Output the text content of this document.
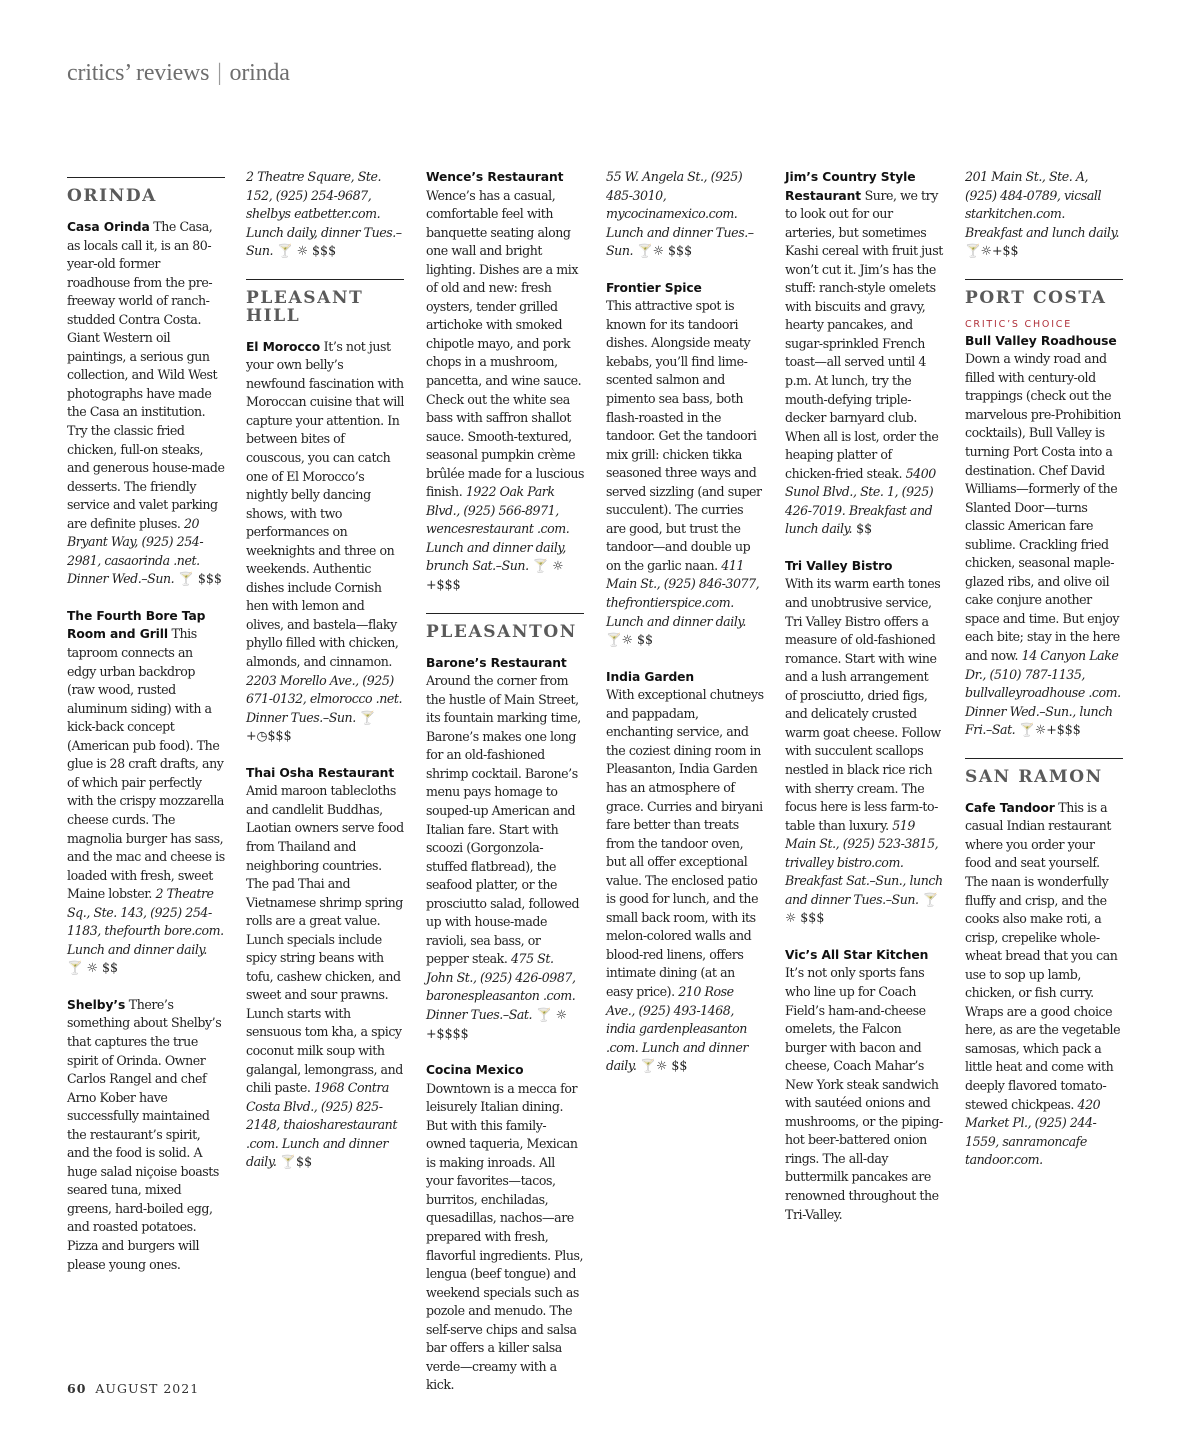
critics’ reviews | orinda
ORINDA

Casa Orinda The Casa, as locals call it, is an 80-year-old former roadhouse from the pre-freeway world of ranch-studded Contra Costa. Giant Western oil paintings, a serious gun collection, and Wild West photographs have made the Casa an institution. Try the classic fried chicken, full-on steaks, and generous house-made desserts. The friendly service and valet parking are definite pluses. 20 Bryant Way, (925) 254-2981, casaorinda .net. Dinner Wed.–Sun. 🍸 $$$

The Fourth Bore Tap Room and Grill This taproom connects an edgy urban backdrop (raw wood, rusted aluminum siding) with a kick-back concept (American pub food). The glue is 28 craft drafts, any of which pair perfectly with the crispy mozzarella cheese curds. The magnolia burger has sass, and the mac and cheese is loaded with fresh, sweet Maine lobster. 2 Theatre Sq., Ste. 143, (925) 254-1183, thefourth bore.com. Lunch and dinner daily. 🍸 ☼ $$

Shelby’s There’s something about Shelby’s that captures the true spirit of Orinda. Owner Carlos Rangel and chef Arno Kober have successfully maintained the restaurant’s spirit, and the food is solid. A huge salad niçoise boasts seared tuna, mixed greens, hard-boiled egg, and roasted potatoes. Pizza and burgers will please young ones.

2 Theatre Square, Ste. 152, (925) 254-9687, shelbys eatbetter.com. Lunch daily, dinner Tues.–Sun. 🍸 ☼ $$$

PLEASANT HILL

El Morocco It’s not just your own belly’s newfound fascination with Moroccan cuisine that will capture your attention. In between bites of couscous, you can catch one of El Morocco’s nightly belly dancing shows, with two performances on weeknights and three on weekends. Authentic dishes include Cornish hen with lemon and olives, and bastela—flaky phyllo filled with chicken, almonds, and cinnamon. 2203 Morello Ave., (925) 671-0132, elmorocco .net. Dinner Tues.–Sun. 🍸+◷$$$

Thai Osha Restaurant Amid maroon tablecloths and candlelit Buddhas, Laotian owners serve food from Thailand and neighboring countries. The pad Thai and Vietnamese shrimp spring rolls are a great value. Lunch specials include spicy string beans with tofu, cashew chicken, and sweet and sour prawns. Lunch starts with sensuous tom kha, a spicy coconut milk soup with galangal, lemongrass, and chili paste. 1968 Contra Costa Blvd., (925) 825-2148, thaiosharestaurant .com. Lunch and dinner daily. 🍸$$

Wence’s Restaurant Wence’s has a casual, comfortable feel with banquette seating along one wall and bright lighting. Dishes are a mix of old and new: fresh oysters, tender grilled artichoke with smoked chipotle mayo, and pork chops in a mushroom, pancetta, and wine sauce. Check out the white sea bass with saffron shallot sauce. Smooth-textured, seasonal pumpkin crème brûlée made for a luscious finish. 1922 Oak Park Blvd., (925) 566-8971, wencesrestaurant .com. Lunch and dinner daily, brunch Sat.–Sun. 🍸 ☼ +$$$

PLEASANTON

Barone’s Restaurant Around the corner from the hustle of Main Street, its fountain marking time, Barone’s makes one long for an old-fashioned shrimp cocktail. Barone’s menu pays homage to souped-up American and Italian fare. Start with scoozi (Gorgonzola-stuffed flatbread), the seafood platter, or the prosciutto salad, followed up with house-made ravioli, sea bass, or pepper steak. 475 St. John St., (925) 426-0987, baronespleasanton .com. Dinner Tues.–Sat. 🍸 ☼ +$$$$

Cocina Mexico Downtown is a mecca for leisurely Italian dining. But with this family-owned taqueria, Mexican is making inroads. All your favorites—tacos, burritos, enchiladas, quesadillas, nachos—are prepared with fresh, flavorful ingredients. Plus, lengua (beef tongue) and weekend specials such as pozole and menudo. The self-serve chips and salsa bar offers a killer salsa verde—creamy with a kick.

55 W. Angela St., (925) 485-3010, mycocinamexico.com. Lunch and dinner Tues.–Sun. 🍸☼ $$$

Frontier Spice
This attractive spot is known for its tandoori dishes. Alongside meaty kebabs, you’ll find lime-scented salmon and pimento sea bass, both flash-roasted in the tandoor. Get the tandoori mix grill: chicken tikka seasoned three ways and served sizzling (and super succulent). The curries are good, but trust the tandoor—and double up on the garlic naan. 411 Main St., (925) 846-3077, thefrontierspice.com. Lunch and dinner daily. 🍸☼ $$

India Garden
With exceptional chutneys and pappadam, enchanting service, and the coziest dining room in Pleasanton, India Garden has an atmosphere of grace. Curries and biryani fare better than treats from the tandoor oven, but all offer exceptional value. The enclosed patio is good for lunch, and the small back room, with its melon-colored walls and blood-red linens, offers intimate dining (at an easy price). 210 Rose Ave., (925) 493-1468, india gardenpleasanton .com. Lunch and dinner daily. 🍸☼ $$

Jim’s Country Style Restaurant Sure, we try to look out for our arteries, but sometimes Kashi cereal with fruit just won’t cut it. Jim’s has the stuff: ranch-style omelets with biscuits and gravy, hearty pancakes, and sugar-sprinkled French toast—all served until 4 p.m. At lunch, try the mouth-defying triple-decker barnyard club. When all is lost, order the heaping platter of chicken-fried steak. 5400 Sunol Blvd., Ste. 1, (925) 426-7019. Breakfast and lunch daily. $$

Tri Valley Bistro
With its warm earth tones and unobtrusive service, Tri Valley Bistro offers a measure of old-fashioned romance. Start with wine and a lush arrangement of prosciutto, dried figs, and delicately crusted warm goat cheese. Follow with succulent scallops nestled in black rice rich with sherry cream. The focus here is less farm-to-table than luxury. 519 Main St., (925) 523-3815, trivalley bistro.com. Breakfast Sat.–Sun., lunch and dinner Tues.–Sun. 🍸☼ $$$

Vic’s All Star Kitchen It’s not only sports fans who line up for Coach Field’s ham-and-cheese omelets, the Falcon burger with bacon and cheese, Coach Mahar’s New York steak sandwich with sautéed onions and mushrooms, or the piping-hot beer-battered onion rings. The all-day buttermilk pancakes are renowned throughout the Tri-Valley.

201 Main St., Ste. A, (925) 484-0789, vicsall starkitchen.com. Breakfast and lunch daily. 🍸☼+$$

PORT COSTA
CRITIC’S CHOICE

Bull Valley Roadhouse Down a windy road and filled with century-old trappings (check out the marvelous pre-Prohibition cocktails), Bull Valley is turning Port Costa into a destination. Chef David Williams—formerly of the Slanted Door—turns classic American fare sublime. Crackling fried chicken, seasonal maple-glazed ribs, and olive oil cake conjure another space and time. But enjoy each bite; stay in the here and now. 14 Canyon Lake Dr., (510) 787-1135, bullvalleyroadhouse .com. Dinner Wed.–Sun., lunch Fri.–Sat. 🍸☼+$$$

SAN RAMON

Cafe Tandoor This is a casual Indian restaurant where you order your food and seat yourself. The naan is wonderfully fluffy and crisp, and the cooks also make roti, a crisp, crepelike whole-wheat bread that you can use to sop up lamb, chicken, or fish curry. Wraps are a good choice here, as are the vegetable samosas, which pack a little heat and come with deeply flavored tomato-stewed chickpeas. 420 Market Pl., (925) 244-1559, sanramoncafe tandoor.com.

60 AUGUST 2021
